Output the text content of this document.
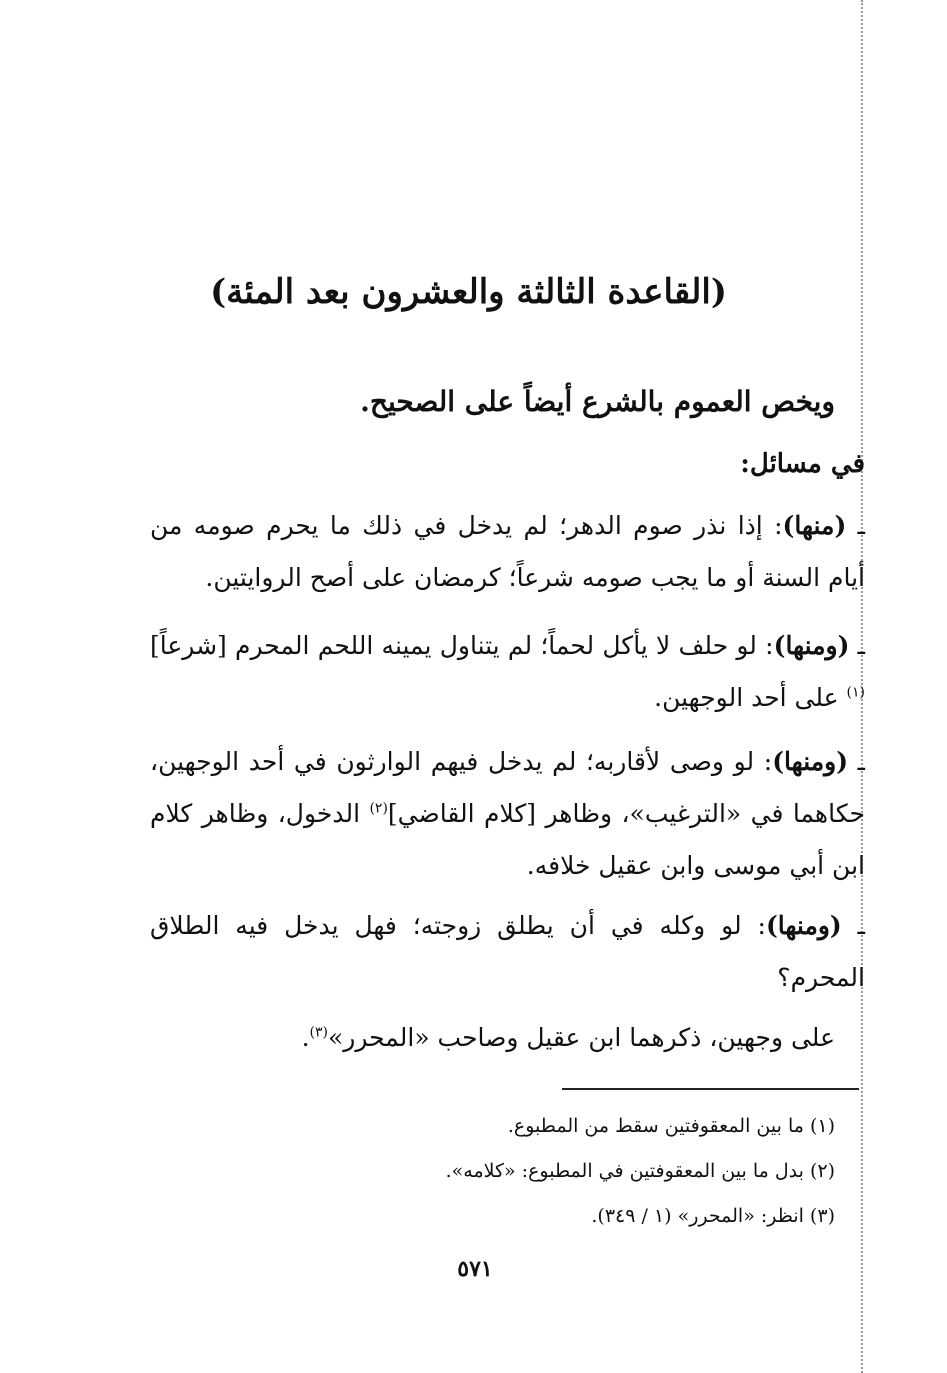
(القاعدة الثالثة والعشرون بعد المئة)
ويخص العموم بالشرع أيضاً على الصحيح.
في مسائل:
ـ (منها): إذا نذر صوم الدهر؛ لم يدخل في ذلك ما يحرم صومه من أيام السنة أو ما يجب صومه شرعاً؛ كرمضان على أصح الروايتين.
ـ (ومنها): لو حلف لا يأكل لحماً؛ لم يتناول يمينه اللحم المحرم [شرعاً]$^{(١)}$ على أحد الوجهين.
ـ (ومنها): لو وصى لأقاربه؛ لم يدخل فيهم الوارثون في أحد الوجهين، حكاهما في «الترغيب»، وظاهر [كلام القاضي]$^{(٢)}$ الدخول، وظاهر كلام ابن أبي موسى وابن عقيل خلافه.
ـ (ومنها): لو وكله في أن يطلق زوجته؛ فهل يدخل فيه الطلاق المحرم؟
على وجهين، ذكرهما ابن عقيل وصاحب «المحرر»$^{(٣)}$.
(١) ما بين المعقوفتين سقط من المطبوع.
(٢) بدل ما بين المعقوفتين في المطبوع: «كلامه».
(٣) انظر: «المحرر» (١ / ٣٤٩).
٥٧١
